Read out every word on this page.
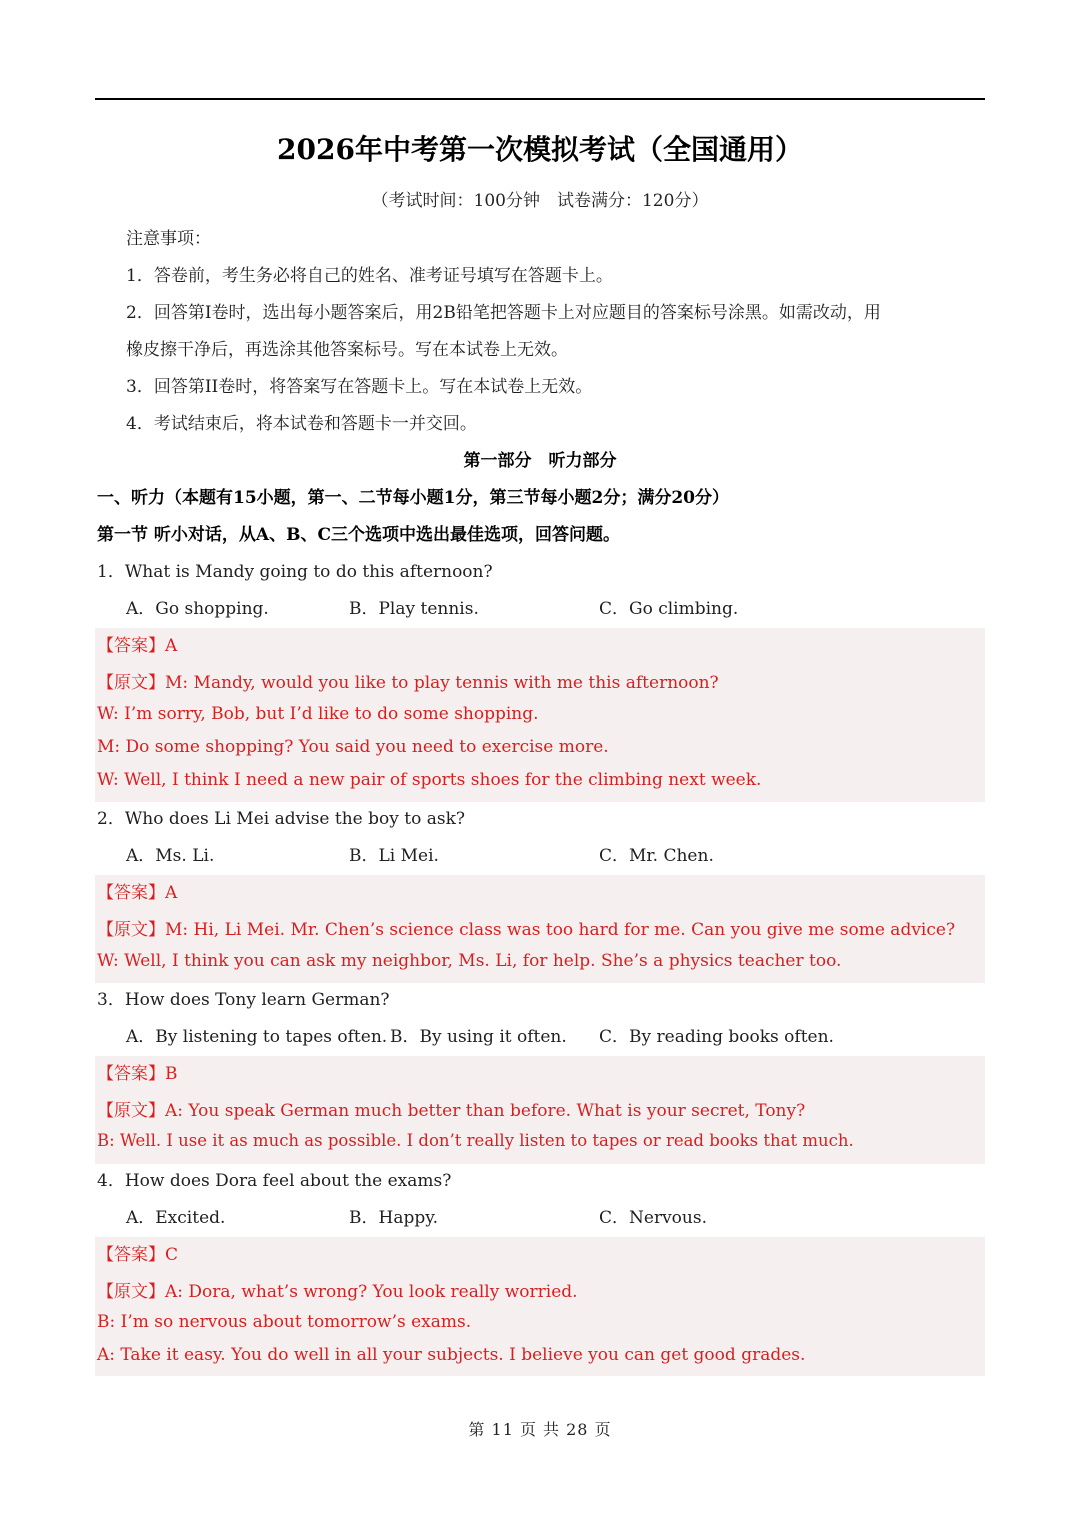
2026年中考第一次模拟考试（全国通用）
（考试时间：100分钟　试卷满分：120分）
注意事项：
1．答卷前，考生务必将自己的姓名、准考证号填写在答题卡上。
2．回答第I卷时，选出每小题答案后，用2B铅笔把答题卡上对应题目的答案标号涂黑。如需改动，用
橡皮擦干净后，再选涂其他答案标号。写在本试卷上无效。
3．回答第II卷时，将答案写在答题卡上。写在本试卷上无效。
4．考试结束后，将本试卷和答题卡一并交回。
第一部分　听力部分
一、听力（本题有15小题，第一、二节每小题1分，第三节每小题2分；满分20分）
第一节 听小对话，从A、B、C三个选项中选出最佳选项，回答问题。
1．What is Mandy going to do this afternoon?
A．Go shopping.	B．Play tennis.	C．Go climbing.
【答案】A
【原文】M: Mandy, would you like to play tennis with me this afternoon?
W: I’m sorry, Bob, but I’d like to do some shopping.
M: Do some shopping? You said you need to exercise more.
W: Well, I think I need a new pair of sports shoes for the climbing next week.
2．Who does Li Mei advise the boy to ask?
A．Ms. Li.	B．Li Mei.	C．Mr. Chen.
【答案】A
【原文】M: Hi, Li Mei. Mr. Chen’s science class was too hard for me. Can you give me some advice?
W: Well, I think you can ask my neighbor, Ms. Li, for help. She’s a physics teacher too.
3．How does Tony learn German?
A．By listening to tapes often. B．By using it often. C．By reading books often.
【答案】B
【原文】A: You speak German much better than before. What is your secret, Tony?
B: Well. I use it as much as possible. I don’t really listen to tapes or read books that much.
4．How does Dora feel about the exams?
A．Excited.	B．Happy.	C．Nervous.
【答案】C
【原文】A: Dora, what’s wrong? You look really worried.
B: I’m so nervous about tomorrow’s exams.
A: Take it easy. You do well in all your subjects. I believe you can get good grades.
第 11 页 共 28 页
